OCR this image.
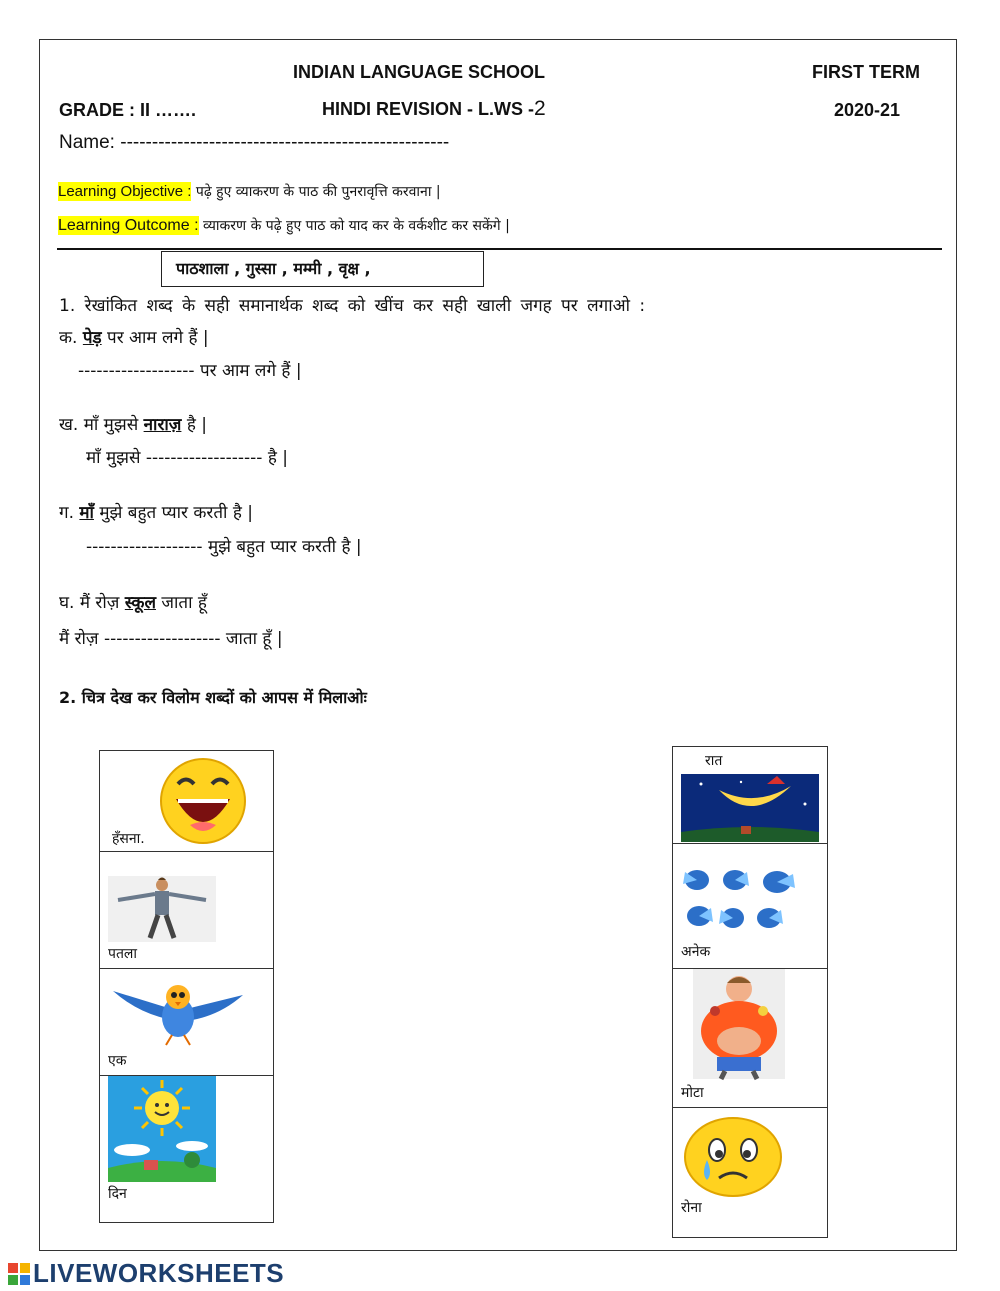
INDIAN LANGUAGE SCHOOL	FIRST TERM
GRADE : II …….	HINDI REVISION - L.WS -2	2020-21
Name: ----------------------------------------------------
Learning Objective : पढ़े हुए व्याकरण के पाठ की पुनरावृत्ति करवाना |
Learning Outcome : व्याकरण के पढ़े हुए पाठ को याद कर के वर्कशीट कर सकेंगे |
पाठशाला , गुस्सा , मम्मी , वृक्ष ,
1. रेखांकित शब्द के सही समानार्थक शब्द को खींच कर सही खाली जगह पर लगाओ :
क. पेड़ पर आम लगे हैं |
------------------- पर आम लगे हैं |
ख. माँ मुझसे नाराज़ है |
माँ मुझसे ------------------- है |
ग. माँ मुझे बहुत प्यार करती है |
------------------- मुझे बहुत प्यार करती है |
घ. मैं रोज़ स्कूल जाता हूँ
मैं रोज़ ------------------- जाता हूँ |
2. चित्र देख कर विलोम शब्दों को आपस में मिलाओः
हँसना.
पतला
एक
दिन
रात
अनेक
मोटा
रोना
LIVEWORKSHEETS
